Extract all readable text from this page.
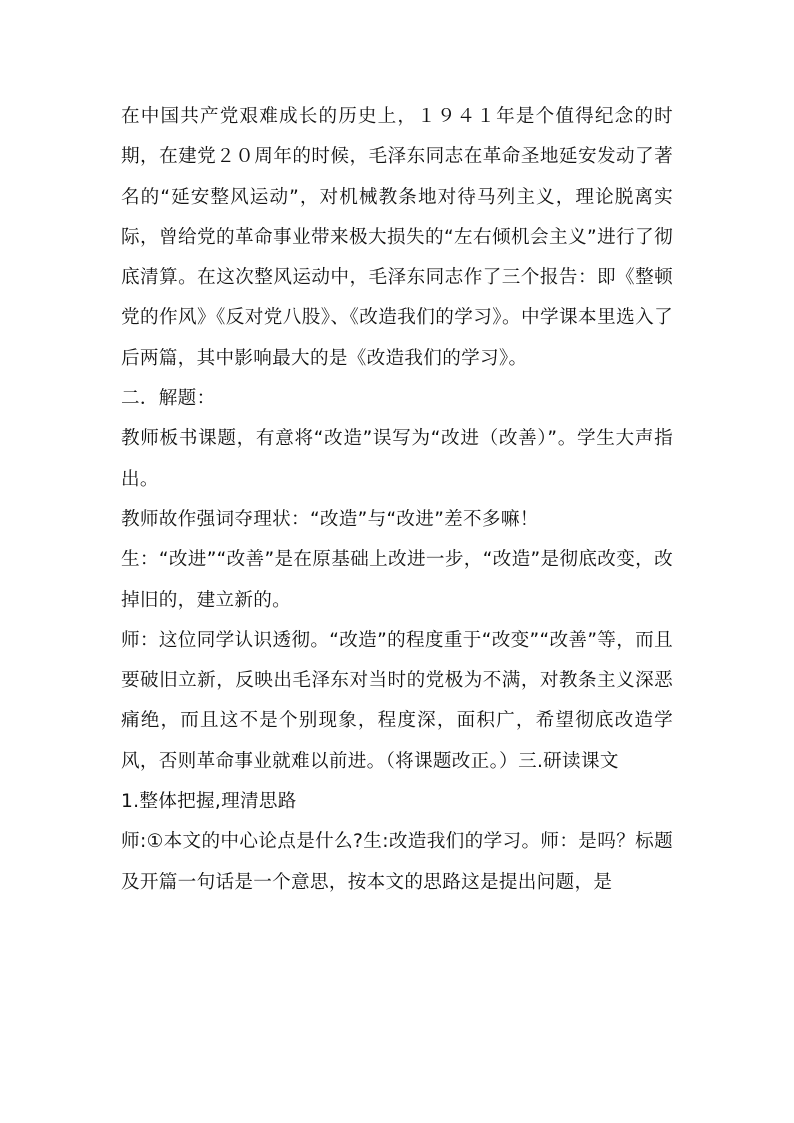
在中国共产党艰难成长的历史上，１９４１年是个值得纪念的时期，在建党２０周年的时候，毛泽东同志在革命圣地延安发动了著名的“延安整风运动”，对机械教条地对待马列主义，理论脱离实际，曾给党的革命事业带来极大损失的“左右倾机会主义”进行了彻底清算。在这次整风运动中，毛泽东同志作了三个报告：即《整顿党的作风》《反对党八股》、《改造我们的学习》。中学课本里选入了后两篇，其中影响最大的是《改造我们的学习》。

二．解题：

教师板书课题，有意将“改造”误写为“改进（改善）”。学生大声指出。

教师故作强词夺理状：“改造”与“改进”差不多嘛！

生：“改进”“改善”是在原基础上改进一步，“改造”是彻底改变，改掉旧的，建立新的。

师：这位同学认识透彻。“改造”的程度重于“改变”“改善”等，而且要破旧立新，反映出毛泽东对当时的党极为不满，对教条主义深恶痛绝，而且这不是个别现象，程度深，面积广，希望彻底改造学风，否则革命事业就难以前进。（将课题改正。）三.研读课文

1.整体把握,理清思路

师:①本文的中心论点是什么?生:改造我们的学习。师：是吗？标题及开篇一句话是一个意思，按本文的思路这是提出问题，是
